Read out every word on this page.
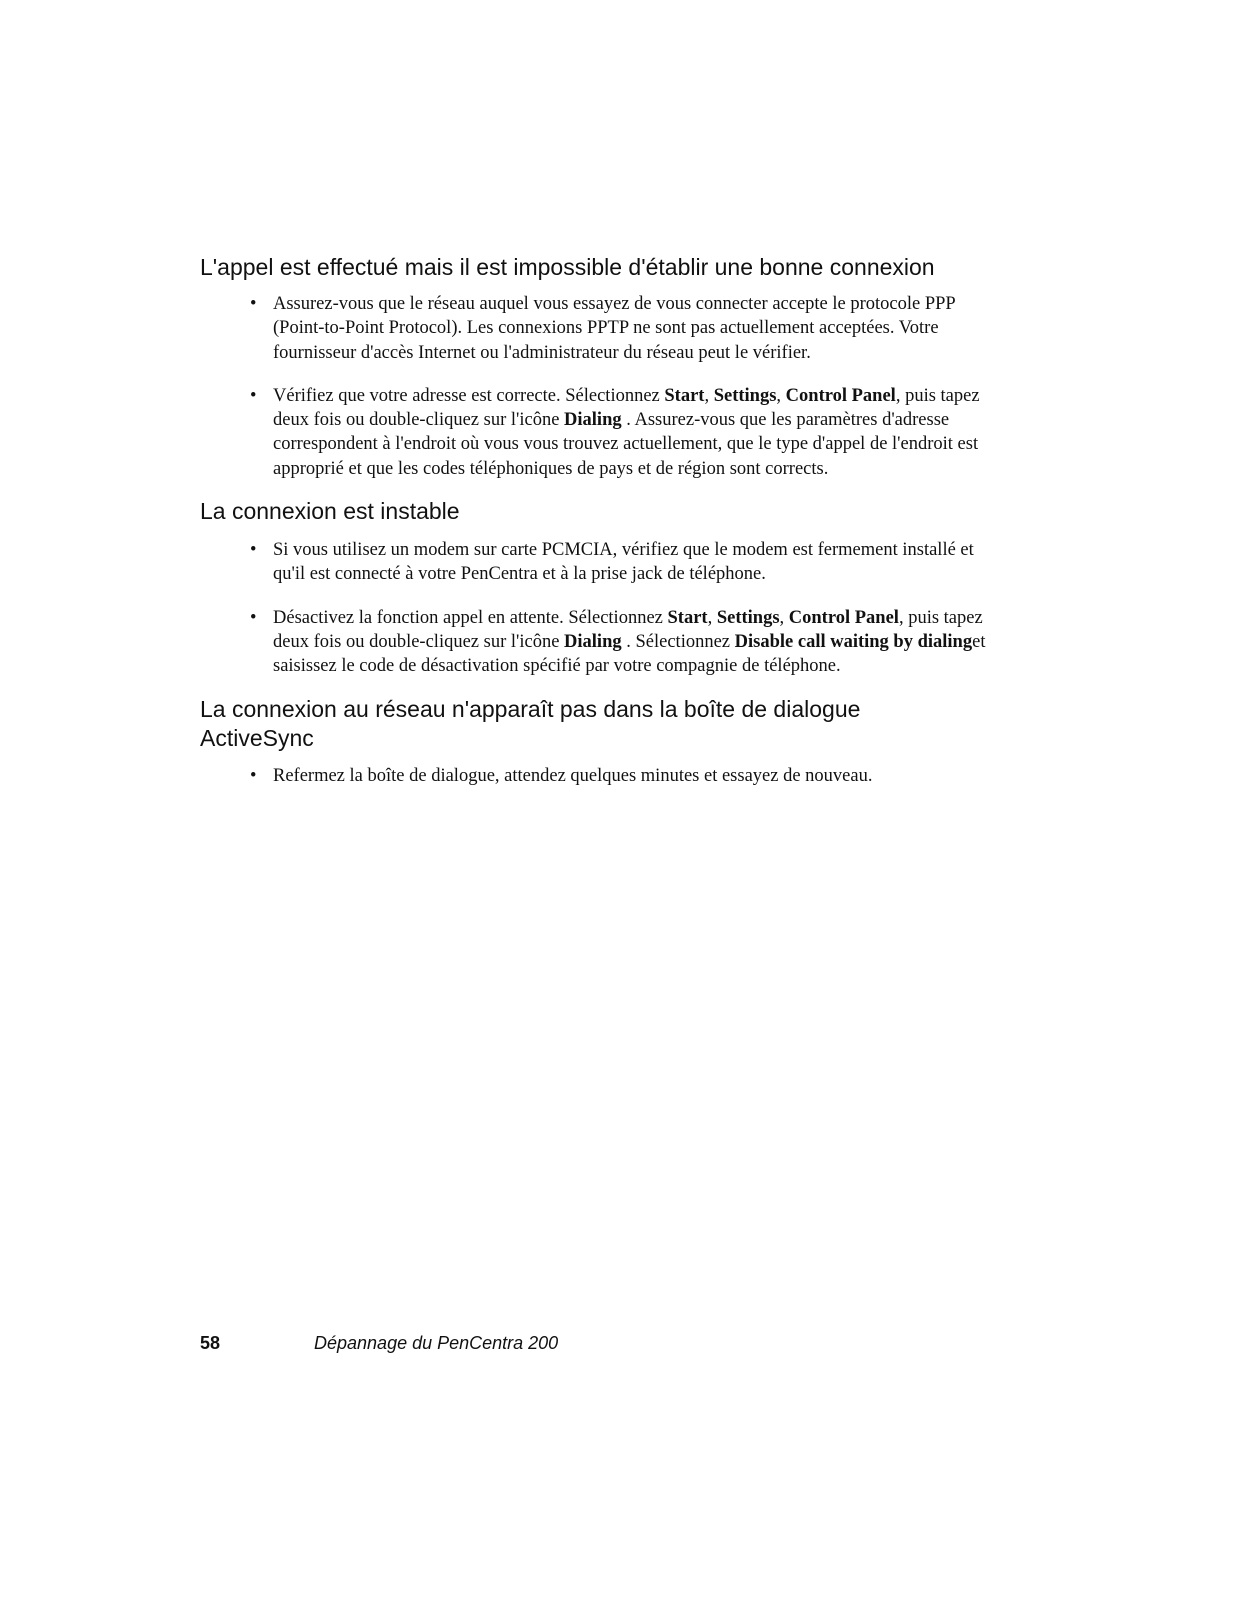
L'appel est effectué mais il est impossible d'établir une bonne connexion
• Assurez-vous que le réseau auquel vous essayez de vous connecter accepte le protocole PPP (Point-to-Point Protocol). Les connexions PPTP ne sont pas actuellement acceptées. Votre fournisseur d'accès Internet ou l'administrateur du réseau peut le vérifier.
• Vérifiez que votre adresse est correcte. Sélectionnez Start, Settings, Control Panel, puis tapez deux fois ou double-cliquez sur l'icône Dialing . Assurez-vous que les paramètres d'adresse correspondent à l'endroit où vous vous trouvez actuellement, que le type d'appel de l'endroit est approprié et que les codes téléphoniques de pays et de région sont corrects.
La connexion est instable
• Si vous utilisez un modem sur carte PCMCIA, vérifiez que le modem est fermement installé et qu'il est connecté à votre PenCentra et à la prise jack de téléphone.
• Désactivez la fonction appel en attente. Sélectionnez Start, Settings, Control Panel, puis tapez deux fois ou double-cliquez sur l'icône Dialing . Sélectionnez Disable call waiting by dialinget saisissez le code de désactivation spécifié par votre compagnie de téléphone.
La connexion au réseau n'apparaît pas dans la boîte de dialogue ActiveSync
• Refermez la boîte de dialogue, attendez quelques minutes et essayez de nouveau.
58	Dépannage du PenCentra 200
